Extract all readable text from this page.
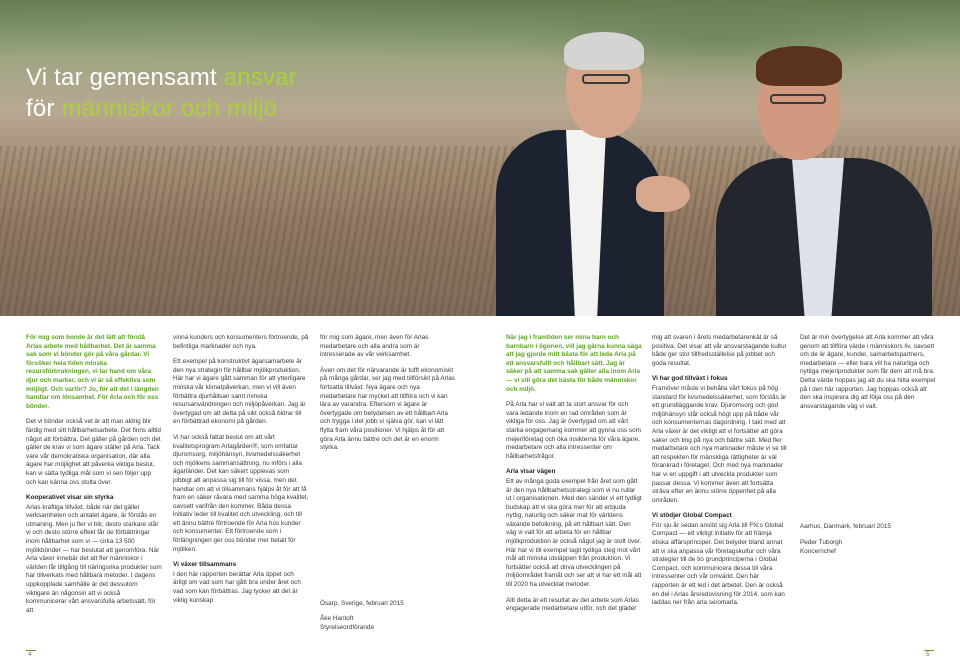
Vi tar gemensamt ansvar
för människor och miljö

För mig som bonde är det lätt att förstå Arlas arbete med hållbarhet. Det är samma sak som vi bönder gör på våra gårdar. Vi försöker hela tiden minska resursförbrukningen, vi tar hand om våra djur och marker, och vi är så effektiva som möjligt. Och varför? Jo, för att det i längden handlar om lönsamhet. För Arla och för oss bönder.

Det vi bönder också vet är att man aldrig blir färdig med sitt hållbarhetsarbete. Det finns alltid något att förbättra. Det gäller på gården och det gäller de krav vi som ägare ställer på Arla. Tack vare vår demokratiska organisation, där alla ägare har möjlighet att påverka viktiga beslut, kan vi sätta tydliga mål som vi sen följer upp och kan känna oss stolta över.

Kooperativet visar sin styrka

Arlas kraftiga tillväxt, både när det gäller verksamheten och antalet ägare, är förstås en utmaning. Men ju fler vi blir, desto starkare står vi och desto större effekt får de förbättringar inom hållbarhet som vi — cirka 13 500 mjölkbönder — har beslutat att genomföra. När Arla växer innebär det att fler människor i världen får tillgång till näringsrika produkter som har tillverkats med hållbara metoder. I dagens uppkopplade samhälle är det dessutom viktigare än någonsin att vi också kommunicerar vårt ansvarsfulla arbetssätt, för att

vinna kunders och konsumenters förtroende, på befintliga marknader och nya.

Ett exempel på konstruktivt ägarsamarbete är den nya strategin för hållbar mjölkproduktion. Här har vi ägare gått samman för att ytterligare minska vår klimatpåverkan, men vi vill även förbättra djurhållsan samt minska resursanvändningen och miljöpåverkan. Jag är övertygad om att detta på sikt också bidrar till en förbättrad ekonomi på gården.

Vi har också fattat beslut om att vårt kvalitetsprogram Arlagården®, som omfattar djuromsorg, miljöhänsyn, livsmedelssäkerhet och mjölkens sammansättning, nu införs i alla ägarländer. Det kan säkert upplevas som jobbigt att anpassa sig till för vissa, men det handlar om att vi tillsammans hjälps åt för att få fram en säker råvara med samma höga kvalitet, oavsett varifrån den kommer. Båda dessa initiativ leder till kvalitet och utveckling, och till ett ännu bättre förtroende för Arla hos kunder och konsumenter. Ett förtroende som i förlängningen ger oss bönder mer betalt för mjölken.

Vi växer tillsammans

I den här rapporten berättar Arla öppet och ärligt om vad som har gått bra under året och vad som kan förbättras. Jag tycker att det är viktig kunskap

för mig som ägare, men även för Arlas medarbetare och alla andra som är intresserade av vår verksamhet.

Även om det för närvarande är tufft ekonomiskt på många gårdar, ser jag med tillförsikt på Arlas fortsatta tillväxt. Nya ägare och nya medarbetare har mycket att tillföra och vi kan lära av varandra. Eftersom vi ägare är övertygade om betydelsen av ett hållbart Arla och trygga i det jobb vi själva gör, kan vi lätt flytta fram våra positioner. Vi hjälps åt för att göra Arla ännu bättre och det är en enorm styrka.

Ösarp, Sverige, februari 2015

Åke Hantoft

Styrelseordförande

När jag i framtiden ser mina barn och barnbarn i ögonen, vill jag gärna kunna säga att jag gjorde mitt bästa för att leda Arla på ett ansvarsfullt och hållbart sätt. Jag är säker på att samma sak gäller alla inom Arla — vi vill göra det bästa för både människor och miljö.

På Arla har vi valt att ta stort ansvar för och vara ledande inom en rad områden som är viktiga för oss. Jag är övertygad om att vårt starka engagemang kommer att gynna oss som mejeriföretag och öka insikterna för våra ägare, medarbetare och alla intressenter om hållbarhetsfrågor.

Arla visar vägen

Ett av många goda exempel från året som gått är den nya hållbarhetsstrategi som vi nu rullar ut i organisationen. Med den sänder vi ett tydligt budskap att vi ska göra mer för att erbjuda nyttig, naturlig och säker mat för världens växande befolkning, på ett hållbart sätt. Den väg vi valt för att arbeta för en hållbar mjölkproduktion är också något jag är stolt över. Här har vi till exempel tagit tydliga steg mot vårt mål att minska utsläppen från produktion. Vi fortsätter också att driva utvecklingen på miljöområdet framåt och ser att vi har ett mål att till 2020 ha utvecklat metoder.

Allt detta är ett resultat av det arbete som Arlas engagerade medarbetare utför, och det gläder

mig att svaren i årets medarbetarenkät är så positiva. Det visar att vår ansvarstagande kultur både ger stor tillfredsställelse på jobbet och goda resultat.

Vi har god tillväxt i fokus

Framöver måste vi behålla vårt fokus på hög standard för livsmedelssäkerhet, som förstås är ett grundläggande krav. Djuromsorg och god miljöhänsyn står också högt upp på både vår och konsumenternas dagordning. I takt med att Arla växer är det viktigt att vi fortsätter att göra saker och ting på nya och bättre sätt. Med fler medarbetare och nya marknader måste vi se till att respekten för mänskliga rättigheter är väl förankrad i företaget. Och med nya marknader har vi en uppgift i att utveckla produkter som passar dessa. Vi kommer även att fortsätta sträva efter en ännu större öppenhet på alla områden.

Vi stödjer Global Compact

För sju år sedan anslöt sig Arla till FN:s Global Compact — ett viktigt initiativ för att främja etiska affärsprinciper. Det betyder bland annat att vi ska anpassa vår företagskultur och våra strategier till de tio grundprinciperna i Global Compact, och kommunicera dessa till våra intressenter och vår omvärld. Den här rapporten är ett led i det arbetet. Den är också en del i Arlas årsredovisning för 2014, som kan laddas ner från arla.se/omarla.

Det är min övertygelse att Arla kommer att våra genom att tillföra värde i människors liv, oavsett om de är ägare, kunder, samarbetspartners, medarbetare — eller bara vill ha naturliga och nyttiga mejeriprodukter som får dem att må bra. Detta värde hoppas jag att du ska hitta exempel på i den här rapporten. Jag hoppas också att den ska inspirera dig att följa oss på den ansvarstagande väg vi valt.

Aarhus, Danmark, februari 2015

Peder Tuborgh

Koncernchef

4	5
